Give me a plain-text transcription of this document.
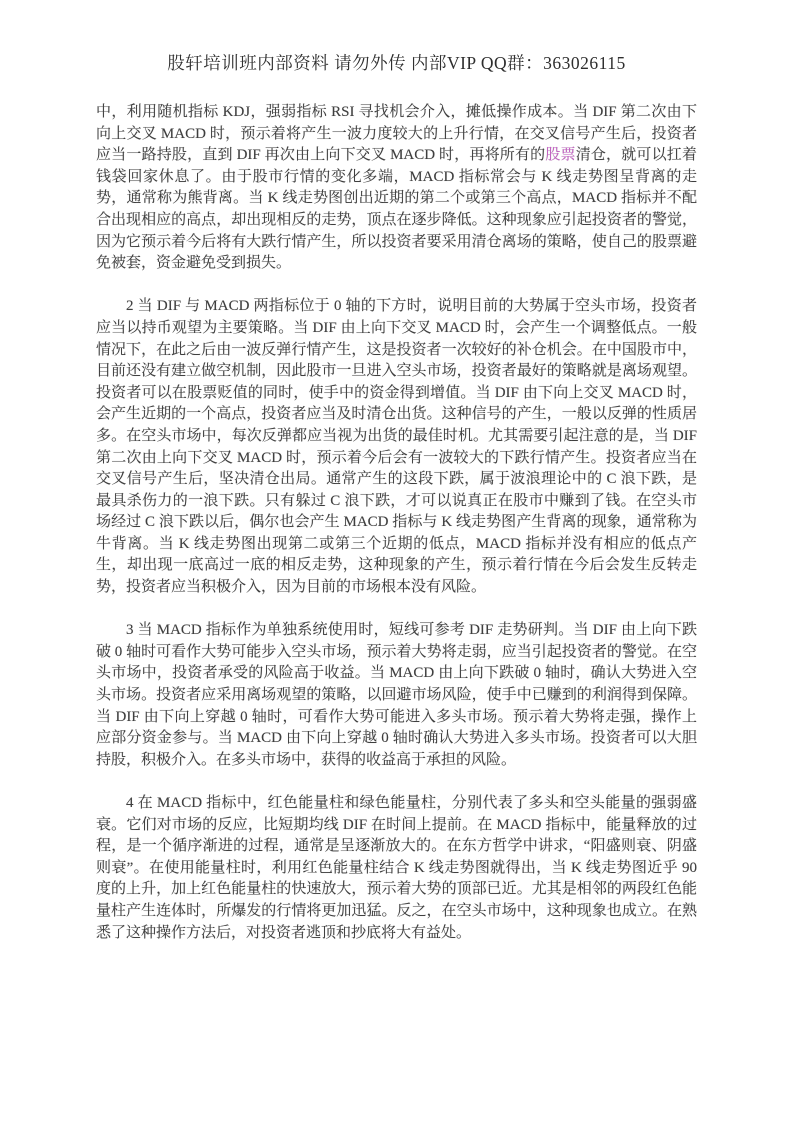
股轩培训班内部资料 请勿外传 内部VIP QQ群：363026115

中，利用随机指标 KDJ，强弱指标 RSI 寻找机会介入，摊低操作成本。当 DIF 第二次由下向上交叉 MACD 时，预示着将产生一波力度较大的上升行情，在交叉信号产生后，投资者应当一路持股，直到 DIF 再次由上向下交叉 MACD 时，再将所有的股票清仓，就可以扛着钱袋回家休息了。由于股市行情的变化多端，MACD 指标常会与 K 线走势图呈背离的走势，通常称为熊背离。当 K 线走势图创出近期的第二个或第三个高点，MACD 指标并不配合出现相应的高点，却出现相反的走势，顶点在逐步降低。这种现象应引起投资者的警觉，因为它预示着今后将有大跌行情产生，所以投资者要采用清仓离场的策略，使自己的股票避免被套，资金避免受到损失。

2 当 DIF 与 MACD 两指标位于 0 轴的下方时，说明目前的大势属于空头市场，投资者应当以持币观望为主要策略。当 DIF 由上向下交叉 MACD 时，会产生一个调整低点。一般情况下，在此之后由一波反弹行情产生，这是投资者一次较好的补仓机会。在中国股市中，目前还没有建立做空机制，因此股市一旦进入空头市场，投资者最好的策略就是离场观望。投资者可以在股票贬值的同时，使手中的资金得到增值。当 DIF 由下向上交叉 MACD 时，会产生近期的一个高点，投资者应当及时清仓出货。这种信号的产生，一般以反弹的性质居多。在空头市场中，每次反弹都应当视为出货的最佳时机。尤其需要引起注意的是，当 DIF 第二次由上向下交叉 MACD 时，预示着今后会有一波较大的下跌行情产生。投资者应当在交叉信号产生后，坚决清仓出局。通常产生的这段下跌，属于波浪理论中的 C 浪下跌，是最具杀伤力的一浪下跌。只有躲过 C 浪下跌，才可以说真正在股市中赚到了钱。在空头市场经过 C 浪下跌以后，偶尔也会产生 MACD 指标与 K 线走势图产生背离的现象，通常称为牛背离。当 K 线走势图出现第二或第三个近期的低点，MACD 指标并没有相应的低点产生，却出现一底高过一底的相反走势，这种现象的产生，预示着行情在今后会发生反转走势，投资者应当积极介入，因为目前的市场根本没有风险。

3 当 MACD 指标作为单独系统使用时，短线可参考 DIF 走势研判。当 DIF 由上向下跌破 0 轴时可看作大势可能步入空头市场，预示着大势将走弱，应当引起投资者的警觉。在空头市场中，投资者承受的风险高于收益。当 MACD 由上向下跌破 0 轴时，确认大势进入空头市场。投资者应采用离场观望的策略，以回避市场风险，使手中已赚到的利润得到保障。当 DIF 由下向上穿越 0 轴时，可看作大势可能进入多头市场。预示着大势将走强，操作上应部分资金参与。当 MACD 由下向上穿越 0 轴时确认大势进入多头市场。投资者可以大胆持股，积极介入。在多头市场中，获得的收益高于承担的风险。

4 在 MACD 指标中，红色能量柱和绿色能量柱，分别代表了多头和空头能量的强弱盛衰。它们对市场的反应，比短期均线 DIF 在时间上提前。在 MACD 指标中，能量释放的过程，是一个循序渐进的过程，通常是呈逐渐放大的。在东方哲学中讲求，“阳盛则衰、阴盛则衰”。在使用能量柱时，利用红色能量柱结合 K 线走势图就得出，当 K 线走势图近乎 90 度的上升，加上红色能量柱的快速放大，预示着大势的顶部已近。尤其是相邻的两段红色能量柱产生连体时，所爆发的行情将更加迅猛。反之，在空头市场中，这种现象也成立。在熟悉了这种操作方法后，对投资者逃顶和抄底将大有益处。
